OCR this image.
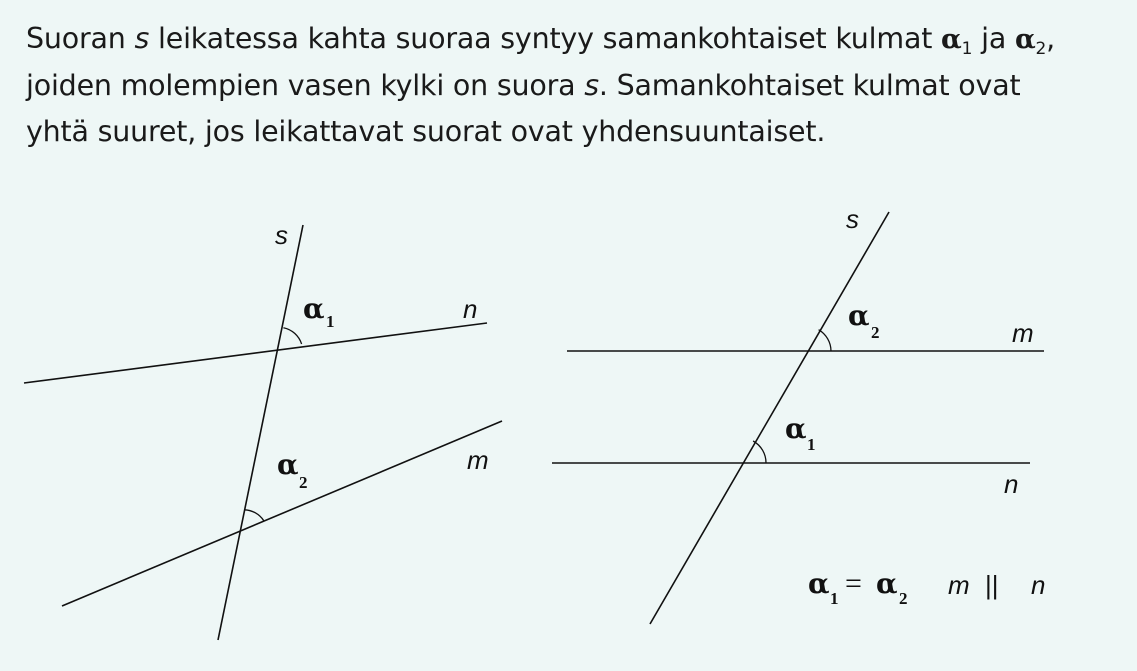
Suoran s leikatessa kahta suoraa syntyy samankohtaiset kulmat $\alpha_1$ ja $\alpha_2$,
joiden molempien vasen kylki on suora s. Samankohtaiset kulmat ovat
yhtä suuret, jos leikattavat suorat ovat yhdensuuntaiset.
s
n
m
α 1
α
2
s
m
n
α
2
α 1
α 1 = α 2 m || n
